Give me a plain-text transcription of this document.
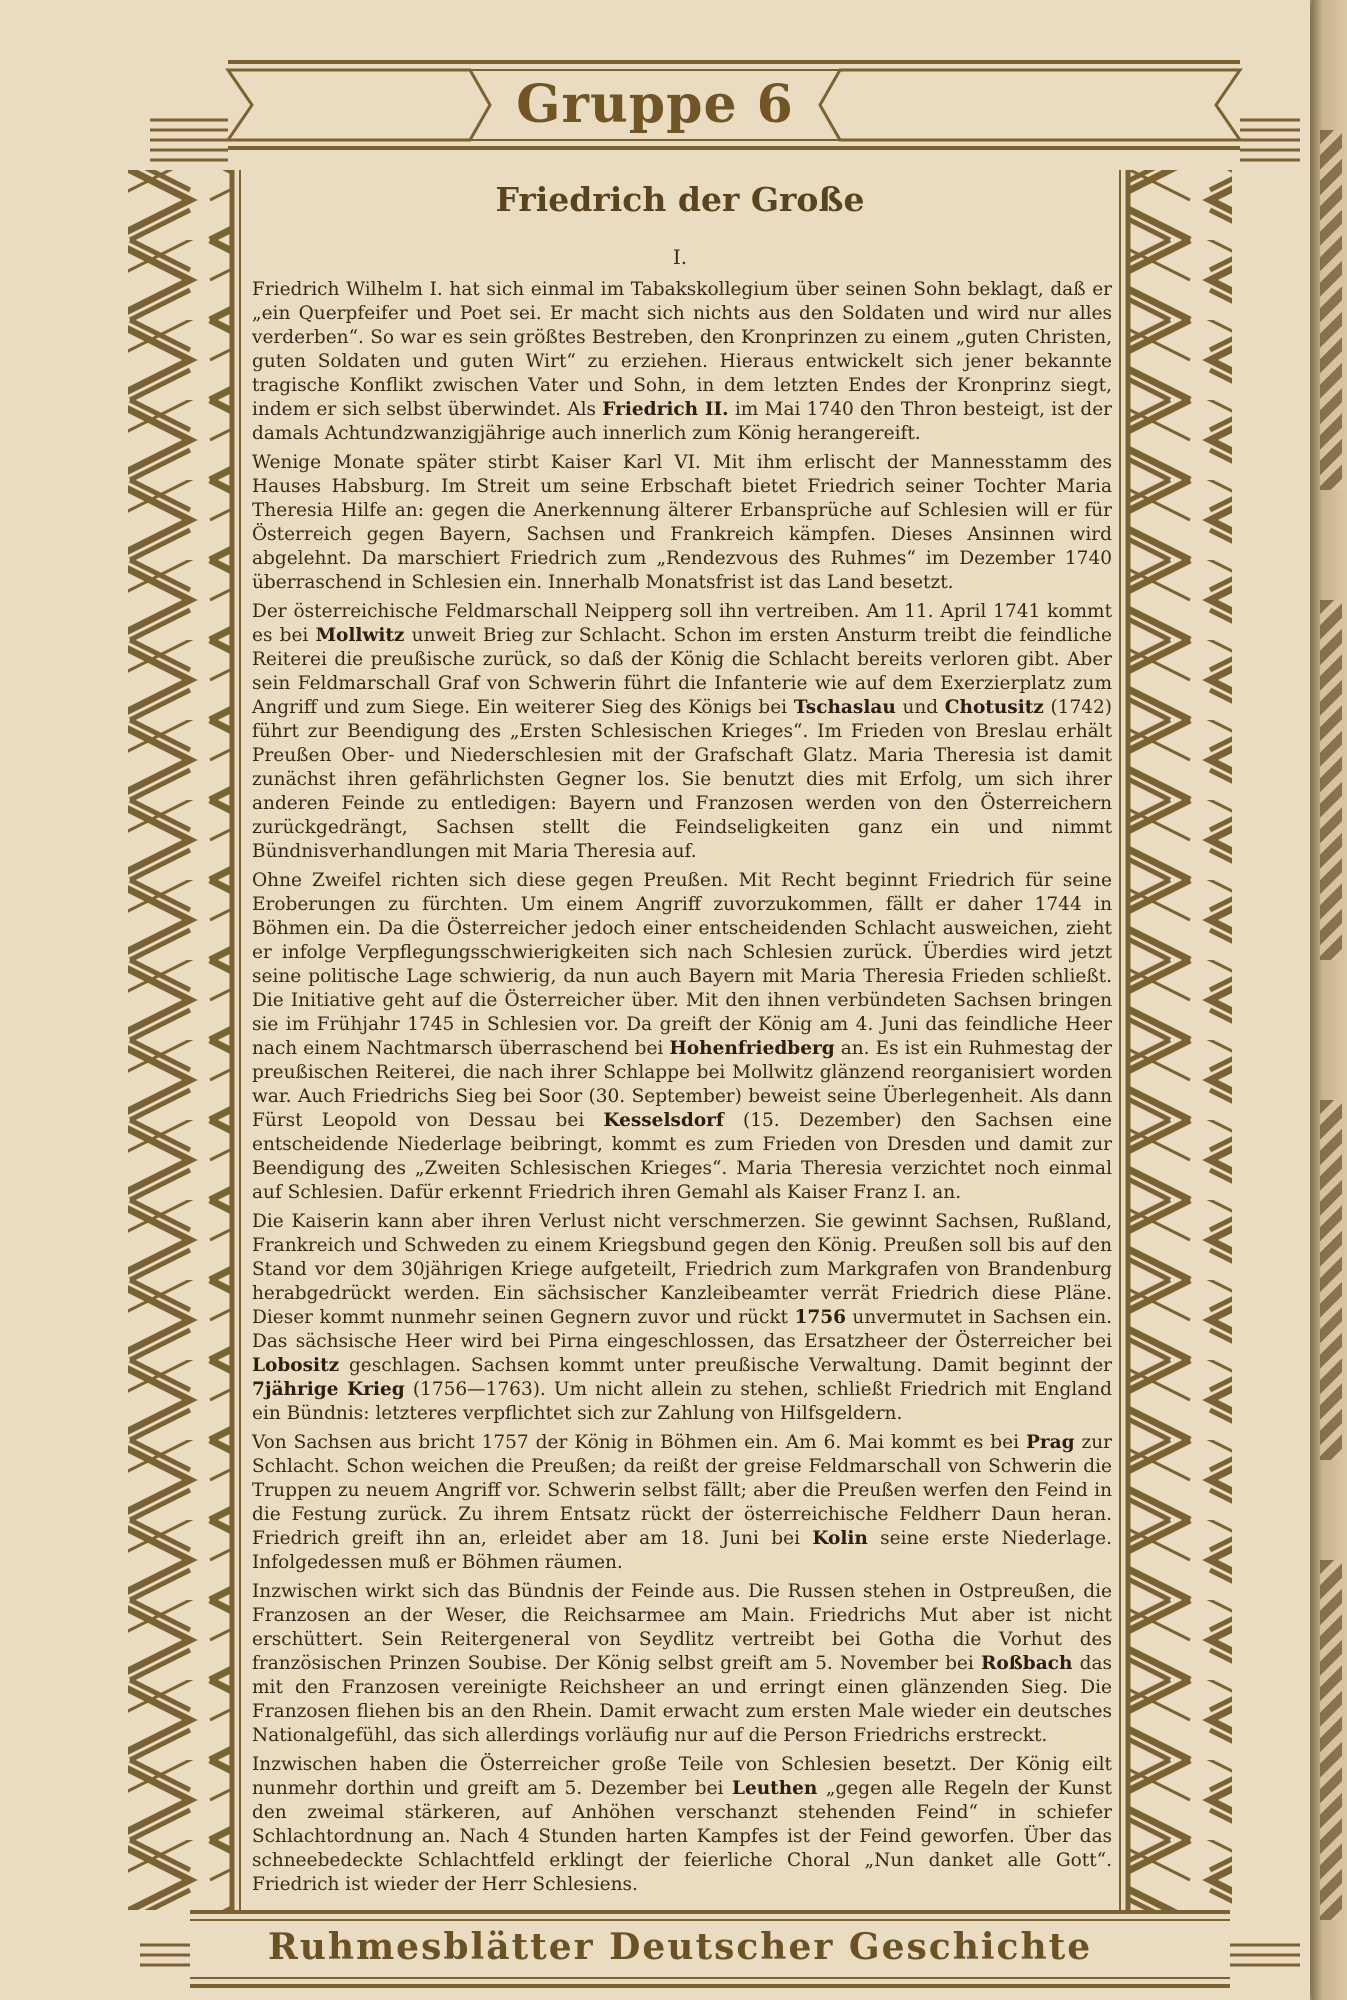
Gruppe 6
Friedrich der Große
I.

Friedrich Wilhelm I. hat sich einmal im Tabakskollegium über seinen Sohn beklagt, daß er „ein Querpfeifer und Poet sei. Er macht sich nichts aus den Soldaten und wird nur alles verderben“. So war es sein größtes Bestreben, den Kronprinzen zu einem „guten Christen, guten Soldaten und guten Wirt“ zu erziehen. Hieraus entwickelt sich jener bekannte tragische Konflikt zwischen Vater und Sohn, in dem letzten Endes der Kronprinz siegt, indem er sich selbst überwindet. Als Friedrich II. im Mai 1740 den Thron besteigt, ist der damals Achtundzwanzigjährige auch innerlich zum König herangereift.

Wenige Monate später stirbt Kaiser Karl VI. Mit ihm erlischt der Mannesstamm des Hauses Habsburg. Im Streit um seine Erbschaft bietet Friedrich seiner Tochter Maria Theresia Hilfe an: gegen die Anerkennung älterer Erbansprüche auf Schlesien will er für Österreich gegen Bayern, Sachsen und Frankreich kämpfen. Dieses Ansinnen wird abgelehnt. Da marschiert Friedrich zum „Rendezvous des Ruhmes“ im Dezember 1740 überraschend in Schlesien ein. Innerhalb Monatsfrist ist das Land besetzt.

Der österreichische Feldmarschall Neipperg soll ihn vertreiben. Am 11. April 1741 kommt es bei Mollwitz unweit Brieg zur Schlacht. Schon im ersten Ansturm treibt die feindliche Reiterei die preußische zurück, so daß der König die Schlacht bereits verloren gibt. Aber sein Feldmarschall Graf von Schwerin führt die Infanterie wie auf dem Exerzierplatz zum Angriff und zum Siege. Ein weiterer Sieg des Königs bei Tschaslau und Chotusitz (1742) führt zur Beendigung des „Ersten Schlesischen Krieges“. Im Frieden von Breslau erhält Preußen Ober- und Niederschlesien mit der Grafschaft Glatz. Maria Theresia ist damit zunächst ihren gefährlichsten Gegner los. Sie benutzt dies mit Erfolg, um sich ihrer anderen Feinde zu entledigen: Bayern und Franzosen werden von den Österreichern zurückgedrängt, Sachsen stellt die Feindseligkeiten ganz ein und nimmt Bündnisverhandlungen mit Maria Theresia auf.

Ohne Zweifel richten sich diese gegen Preußen. Mit Recht beginnt Friedrich für seine Eroberungen zu fürchten. Um einem Angriff zuvorzukommen, fällt er daher 1744 in Böhmen ein. Da die Österreicher jedoch einer entscheidenden Schlacht ausweichen, zieht er infolge Verpflegungsschwierigkeiten sich nach Schlesien zurück. Überdies wird jetzt seine politische Lage schwierig, da nun auch Bayern mit Maria Theresia Frieden schließt. Die Initiative geht auf die Österreicher über. Mit den ihnen verbündeten Sachsen bringen sie im Frühjahr 1745 in Schlesien vor. Da greift der König am 4. Juni das feindliche Heer nach einem Nachtmarsch überraschend bei Hohenfriedberg an. Es ist ein Ruhmestag der preußischen Reiterei, die nach ihrer Schlappe bei Mollwitz glänzend reorganisiert worden war. Auch Friedrichs Sieg bei Soor (30. September) beweist seine Überlegenheit. Als dann Fürst Leopold von Dessau bei Kesselsdorf (15. Dezember) den Sachsen eine entscheidende Niederlage beibringt, kommt es zum Frieden von Dresden und damit zur Beendigung des „Zweiten Schlesischen Krieges“. Maria Theresia verzichtet noch einmal auf Schlesien. Dafür erkennt Friedrich ihren Gemahl als Kaiser Franz I. an.

Die Kaiserin kann aber ihren Verlust nicht verschmerzen. Sie gewinnt Sachsen, Rußland, Frankreich und Schweden zu einem Kriegsbund gegen den König. Preußen soll bis auf den Stand vor dem 30jährigen Kriege aufgeteilt, Friedrich zum Markgrafen von Brandenburg herabgedrückt werden. Ein sächsischer Kanzleibeamter verrät Friedrich diese Pläne. Dieser kommt nunmehr seinen Gegnern zuvor und rückt 1756 unvermutet in Sachsen ein. Das sächsische Heer wird bei Pirna eingeschlossen, das Ersatzheer der Österreicher bei Lobositz geschlagen. Sachsen kommt unter preußische Verwaltung. Damit beginnt der 7jährige Krieg (1756—1763). Um nicht allein zu stehen, schließt Friedrich mit England ein Bündnis: letzteres verpflichtet sich zur Zahlung von Hilfsgeldern.

Von Sachsen aus bricht 1757 der König in Böhmen ein. Am 6. Mai kommt es bei Prag zur Schlacht. Schon weichen die Preußen; da reißt der greise Feldmarschall von Schwerin die Truppen zu neuem Angriff vor. Schwerin selbst fällt; aber die Preußen werfen den Feind in die Festung zurück. Zu ihrem Entsatz rückt der österreichische Feldherr Daun heran. Friedrich greift ihn an, erleidet aber am 18. Juni bei Kolin seine erste Niederlage. Infolgedessen muß er Böhmen räumen.

Inzwischen wirkt sich das Bündnis der Feinde aus. Die Russen stehen in Ostpreußen, die Franzosen an der Weser, die Reichsarmee am Main. Friedrichs Mut aber ist nicht erschüttert. Sein Reitergeneral von Seydlitz vertreibt bei Gotha die Vorhut des französischen Prinzen Soubise. Der König selbst greift am 5. November bei Roßbach das mit den Franzosen vereinigte Reichsheer an und erringt einen glänzenden Sieg. Die Franzosen fliehen bis an den Rhein. Damit erwacht zum ersten Male wieder ein deutsches Nationalgefühl, das sich allerdings vorläufig nur auf die Person Friedrichs erstreckt.

Inzwischen haben die Österreicher große Teile von Schlesien besetzt. Der König eilt nunmehr dorthin und greift am 5. Dezember bei Leuthen „gegen alle Regeln der Kunst den zweimal stärkeren, auf Anhöhen verschanzt stehenden Feind“ in schiefer Schlachtordnung an. Nach 4 Stunden harten Kampfes ist der Feind geworfen. Über das schneebedeckte Schlachtfeld erklingt der feierliche Choral „Nun danket alle Gott“. Friedrich ist wieder der Herr Schlesiens.

Ruhmesblätter Deutscher Geschichte
